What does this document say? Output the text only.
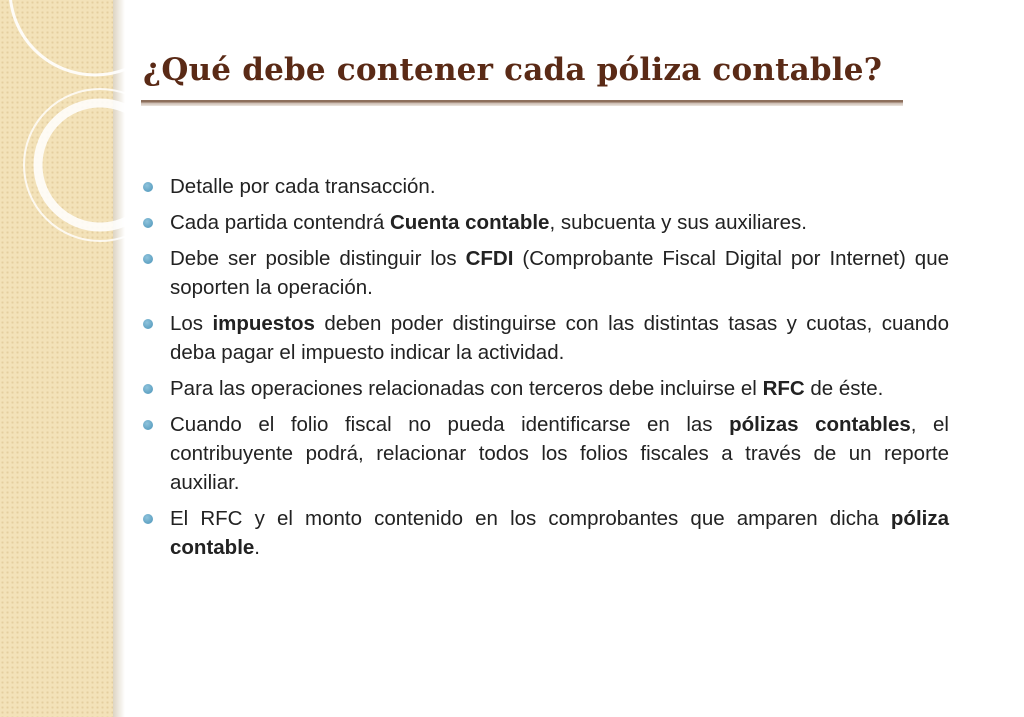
¿Qué debe contener cada póliza contable?
Detalle por cada transacción.
Cada partida contendrá Cuenta contable, subcuenta y sus auxiliares.
Debe ser posible distinguir los CFDI (Comprobante Fiscal Digital por Internet) que soporten la operación.
Los impuestos deben poder distinguirse con las distintas tasas y cuotas, cuando deba pagar el impuesto indicar la actividad.
Para las operaciones relacionadas con terceros debe incluirse el RFC de éste.
Cuando el folio fiscal no pueda identificarse en las pólizas contables, el contribuyente podrá, relacionar todos los folios fiscales a través de un reporte auxiliar.
El RFC y el monto contenido en los comprobantes que amparen dicha póliza contable.
